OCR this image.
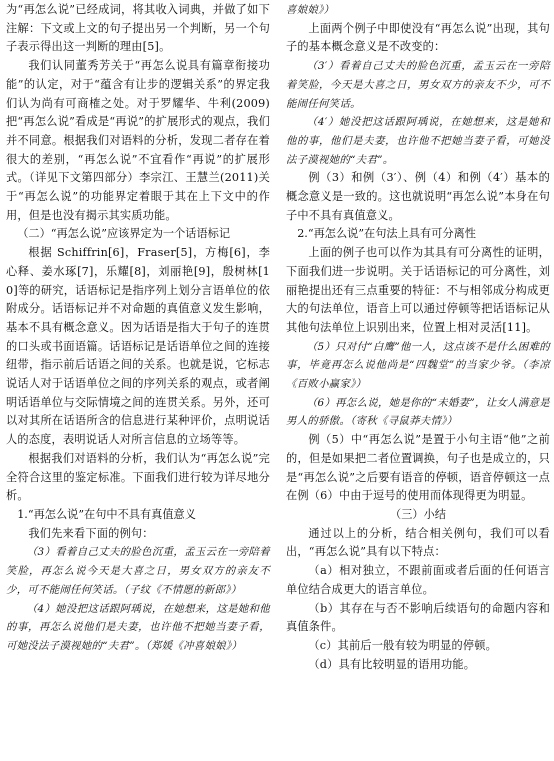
为“再怎么说”已经成词，将其收入词典，并做了如下注解：下文或上文的句子提出另一个判断，另一个句子表示得出这一判断的理由[5]。

我们认同董秀芳关于“再怎么说具有篇章衔接功能”的认定，对于“蕴含有让步的逻辑关系”的界定我们认为尚有可商榷之处。对于罗耀华、牛利(2009)把“再怎么说”看成是“再说”的扩展形式的观点，我们并不同意。根据我们对语料的分析，发现二者存在着很大的差别，“再怎么说”不宜看作“再说”的扩展形式。（详见下文第四部分）李宗江、王慧兰(2011)关于“再怎么说”的功能界定着眼于其在上下文中的作用，但是也没有揭示其实质功能。

（二）“再怎么说”应该界定为一个话语标记

根据 Schiffrin[6]，Fraser[5]，方梅[6]，李心释、姜水琢[7]，乐耀[8]，刘丽艳[9]，殷树林[10]等的研究，话语标记是指序列上划分言语单位的依附成分。话语标记并不对命题的真值意义发生影响，基本不具有概念意义。因为话语是指大于句子的连贯的口头或书面语篇。话语标记是话语单位之间的连接纽带，指示前后话语之间的关系。也就是说，它标志说话人对于话语单位之间的序列关系的观点，或者阐明话语单位与交际情境之间的连贯关系。另外，还可以对其所在话语所含的信息进行某种评价，点明说话人的态度，表明说话人对所言信息的立场等等。

根据我们对语料的分析，我们认为“再怎么说”完全符合这里的鉴定标准。下面我们进行较为详尽地分析。

1.“再怎么说”在句中不具有真值意义

我们先来看下面的例句：

（3）看着自己丈夫的脸色沉重，孟玉云在一旁陪着笑脸，再怎么说今天是大喜之日，男女双方的亲友不少，可不能闹任何笑话。（子纹《不情愿的新郎》）

（4）她没把这话跟阿瑀说，在她想来，这是她和他的事，再怎么说他们是夫妻，也许他不把她当妻子看，可她没法子漠视她的“夫君”。（郑媛《冲喜娘娘》）

喜娘娘》）

上面两个例子中即使没有“再怎么说”出现，其句子的基本概念意义是不改变的：

（3′）看着自己丈夫的脸色沉重，孟玉云在一旁陪着笑脸，今天是大喜之日，男女双方的亲友不少，可不能闹任何笑话。

（4′）她没把这话跟阿瑀说，在她想来，这是她和他的事，他们是夫妻，也许他不把她当妻子看，可她没法子漠视她的“夫君”。

例（3）和例（3′）、例（4）和例（4′）基本的概念意义是一致的。这也就说明“再怎么说”本身在句子中不具有真值意义。

2.“再怎么说”在句法上具有可分离性

上面的例子也可以作为其具有可分离性的证明，下面我们进一步说明。关于话语标记的可分离性，刘丽艳提出还有三点重要的特征：不与相邻成分构成更大的句法单位，语音上可以通过停顿等把话语标记从其他句法单位上识别出来，位置上相对灵活[11]。

（5）只对付“白鹰”他一人，这点该不是什么困难的事，毕竟再怎么说他尚是“四魏堂”的当家少爷。（李凉《百败小赢家》）

（6）再怎么说，她是你的“未婚妻”，让女人满意是男人的骄傲。（寄秋《寻鼠莽夫情》）

例（5）中“再怎么说”是置于小句主语“他”之前的，但是如果把二者位置调换，句子也是成立的，只是“再怎么说”之后要有语音的停顿，语音停顿这一点在例（6）中由于逗号的使用而体现得更为明显。

（三）小结

通过以上的分析，结合相关例句，我们可以看出，“再怎么说”具有以下特点：

（a）相对独立，不跟前面或者后面的任何语言单位结合成更大的语言单位。

（b）其存在与否不影响后续语句的命题内容和真值条件。

（c）其前后一般有较为明显的停顿。

（d）具有比较明显的语用功能。
